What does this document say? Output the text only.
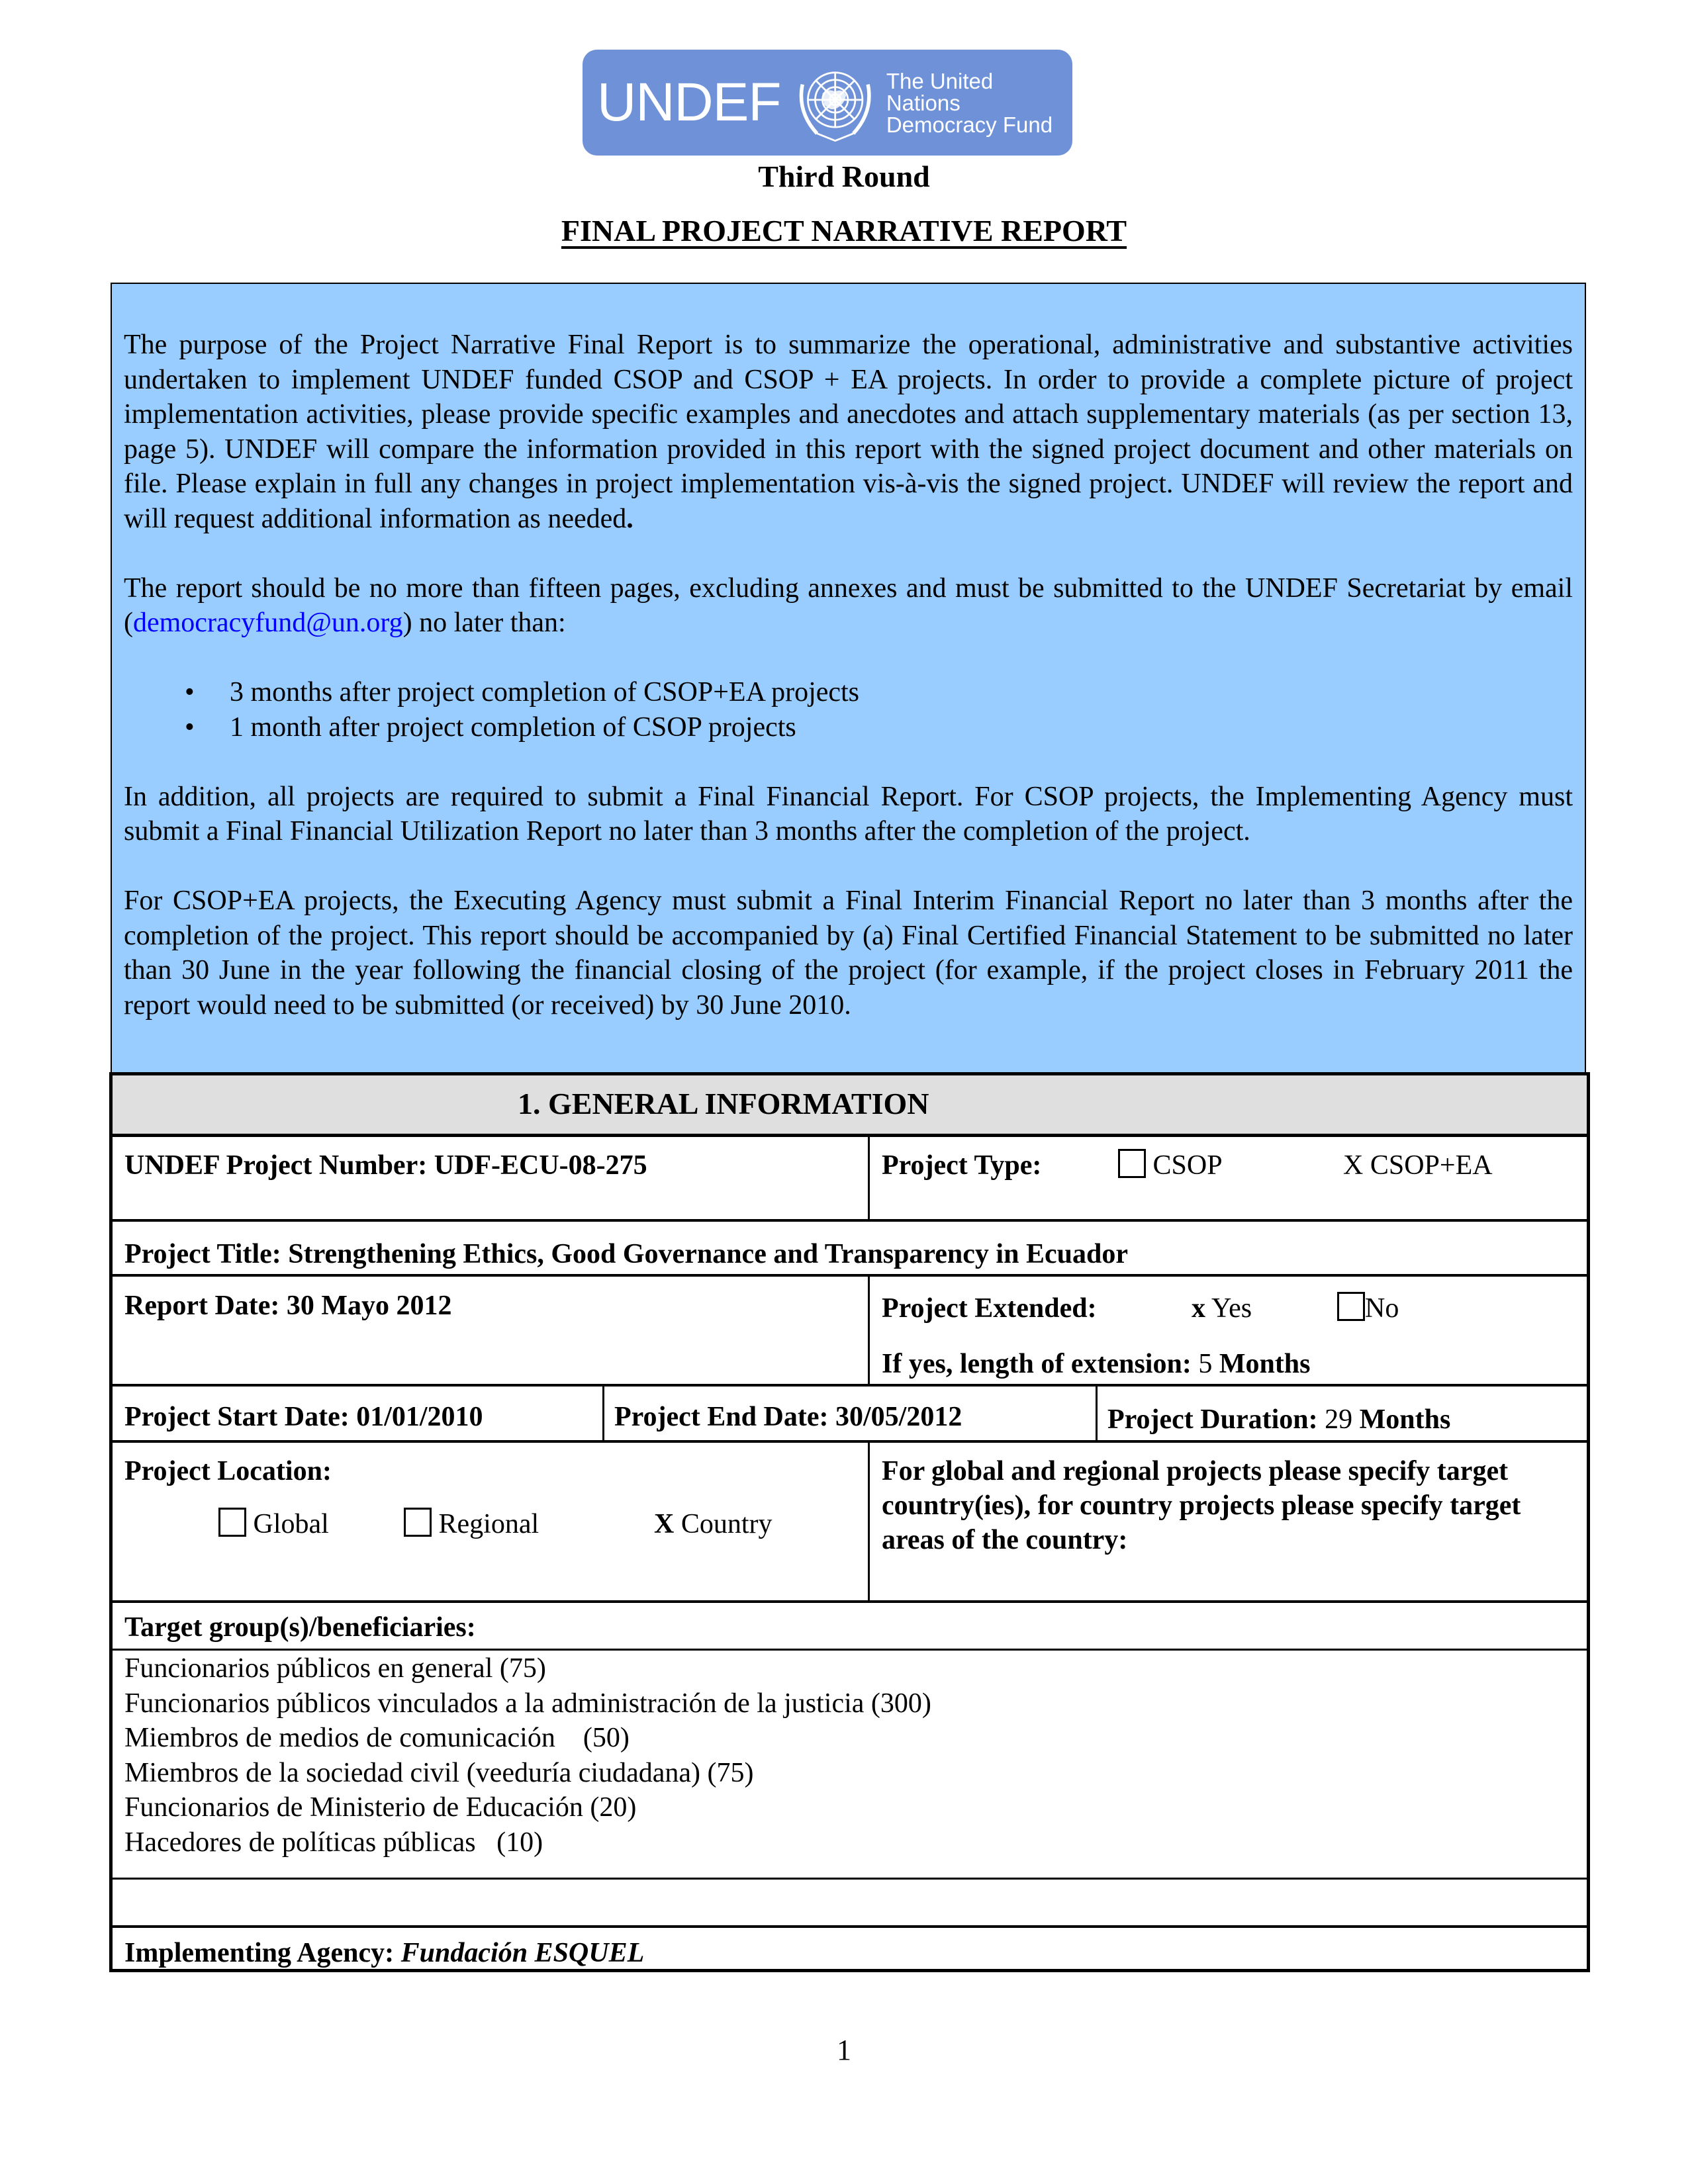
UNDEF	The United Nations
Democracy Fund
Third Round
FINAL PROJECT NARRATIVE REPORT

The purpose of the Project Narrative Final Report is to summarize the operational, administrative and substantive activities undertaken to implement UNDEF funded CSOP and CSOP + EA projects. In order to provide a complete picture of project implementation activities, please provide specific examples and anecdotes and attach supplementary materials (as per section 13, page 5). UNDEF will compare the information provided in this report with the signed project document and other materials on file. Please explain in full any changes in project implementation vis-à-vis the signed project. UNDEF will review the report and will request additional information as needed.

The report should be no more than fifteen pages, excluding annexes and must be submitted to the UNDEF Secretariat by email (democracyfund@un.org) no later than:

• 3 months after project completion of CSOP+EA projects
• 1 month after project completion of CSOP projects

In addition, all projects are required to submit a Final Financial Report. For CSOP projects, the Implementing Agency must submit a Final Financial Utilization Report no later than 3 months after the completion of the project.

For CSOP+EA projects, the Executing Agency must submit a Final Interim Financial Report no later than 3 months after the completion of the project. This report should be accompanied by (a) Final Certified Financial Statement to be submitted no later than 30 June in the year following the financial closing of the project (for example, if the project closes in February 2011 the report would need to be submitted (or received) by 30 June 2010.

1. GENERAL INFORMATION
UNDEF Project Number: UDF-ECU-08-275	Project Type:	CSOP	X CSOP+EA
Project Title: Strengthening Ethics, Good Governance and Transparency in Ecuador
Report Date: 30 Mayo 2012	Project Extended:	x Yes	No
If yes, length of extension: 5 Months
Project Start Date: 01/01/2010	Project End Date: 30/05/2012	Project Duration: 29 Months
Project Location:
Global	Regional	X Country
For global and regional projects please specify target country(ies), for country projects please specify target areas of the country:
Target group(s)/beneficiaries:
Funcionarios públicos en general (75)
Funcionarios públicos vinculados a la administración de la justicia (300)
Miembros de medios de comunicación    (50)
Miembros de la sociedad civil (veeduría ciudadana) (75)
Funcionarios de Ministerio de Educación (20)
Hacedores de políticas públicas   (10)
Implementing Agency: Fundación ESQUEL
1
